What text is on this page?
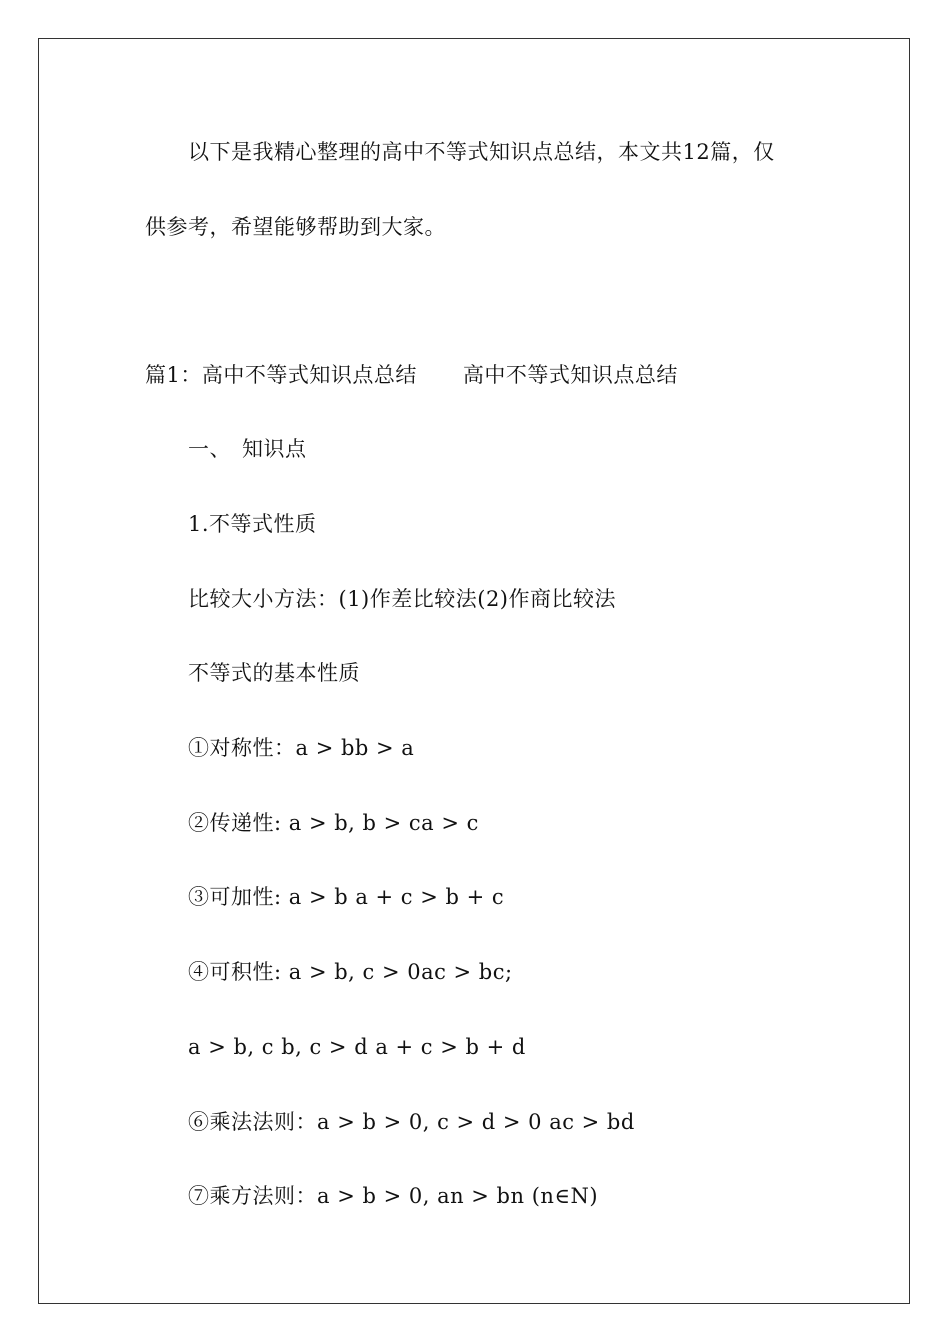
以下是我精心整理的高中不等式知识点总结，本文共12篇，仅
供参考，希望能够帮助到大家。
篇1：高中不等式知识点总结 高中不等式知识点总结
一、　知识点
1.不等式性质
比较大小方法：(1)作差比较法(2)作商比较法
不等式的基本性质
①对称性：a > bb > a
②传递性: a > b, b > ca > c
③可加性: a > b a + c > b + c
④可积性: a > b, c > 0ac > bc;
a > b, c b, c > d a + c > b + d
⑥乘法法则：a > b > 0, c > d > 0 ac > bd
⑦乘方法则：a > b > 0, an > bn (n∈N)
